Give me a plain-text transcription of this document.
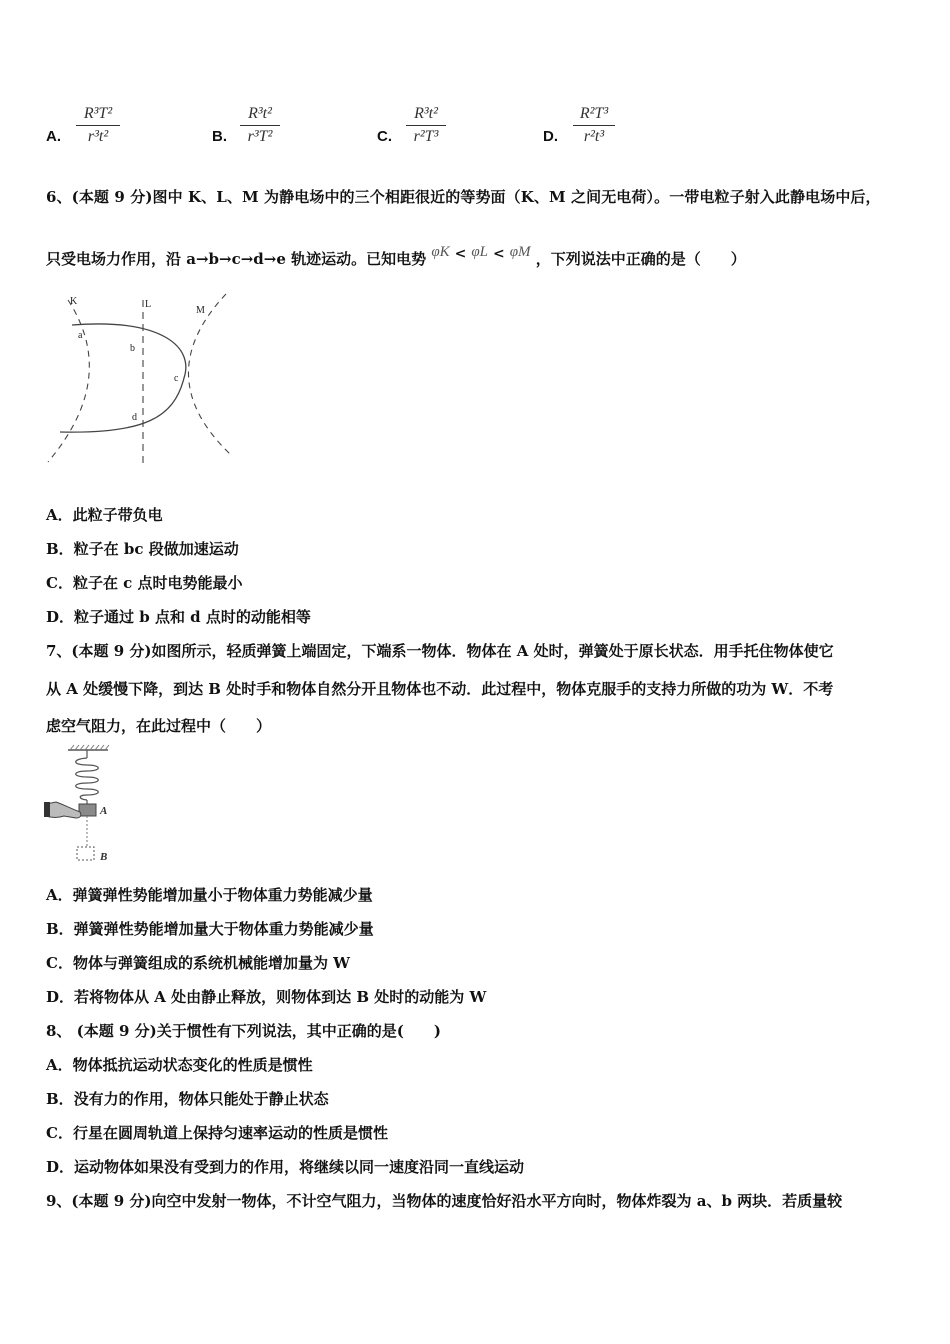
A.
R³T²
r³t²	B.
R³t²
r³T²	C.
R³t²
r²T³	D.
R²T³
r²t³
6、(本题 9 分)图中 K、L、M 为静电场中的三个相距很近的等势面（K、M 之间无电荷）。一带电粒子射入此静电场中后，
只受电场力作用，沿 a→b→c→d→e 轨迹运动。已知电势 φK < φL < φM ，下列说法中正确的是（　　）
K	L
M
a
b
c
d
A．此粒子带负电
B．粒子在 bc 段做加速运动
C．粒子在 c 点时电势能最小
D．粒子通过 b 点和 d 点时的动能相等
7、(本题 9 分)如图所示，轻质弹簧上端固定，下端系一物体．物体在 A 处时，弹簧处于原长状态．用手托住物体使它
从 A 处缓慢下降，到达 B 处时手和物体自然分开且物体也不动．此过程中，物体克服手的支持力所做的功为 W．不考
虑空气阻力，在此过程中（　　）
A
B
A．弹簧弹性势能增加量小于物体重力势能减少量
B．弹簧弹性势能增加量大于物体重力势能减少量
C．物体与弹簧组成的系统机械能增加量为 W
D．若将物体从 A 处由静止释放，则物体到达 B 处时的动能为 W
8、 (本题 9 分)关于惯性有下列说法，其中正确的是(　　)
A．物体抵抗运动状态变化的性质是惯性
B．没有力的作用，物体只能处于静止状态
C．行星在圆周轨道上保持匀速率运动的性质是惯性
D．运动物体如果没有受到力的作用，将继续以同一速度沿同一直线运动
9、(本题 9 分)向空中发射一物体，不计空气阻力，当物体的速度恰好沿水平方向时，物体炸裂为 a、b 两块．若质量较
